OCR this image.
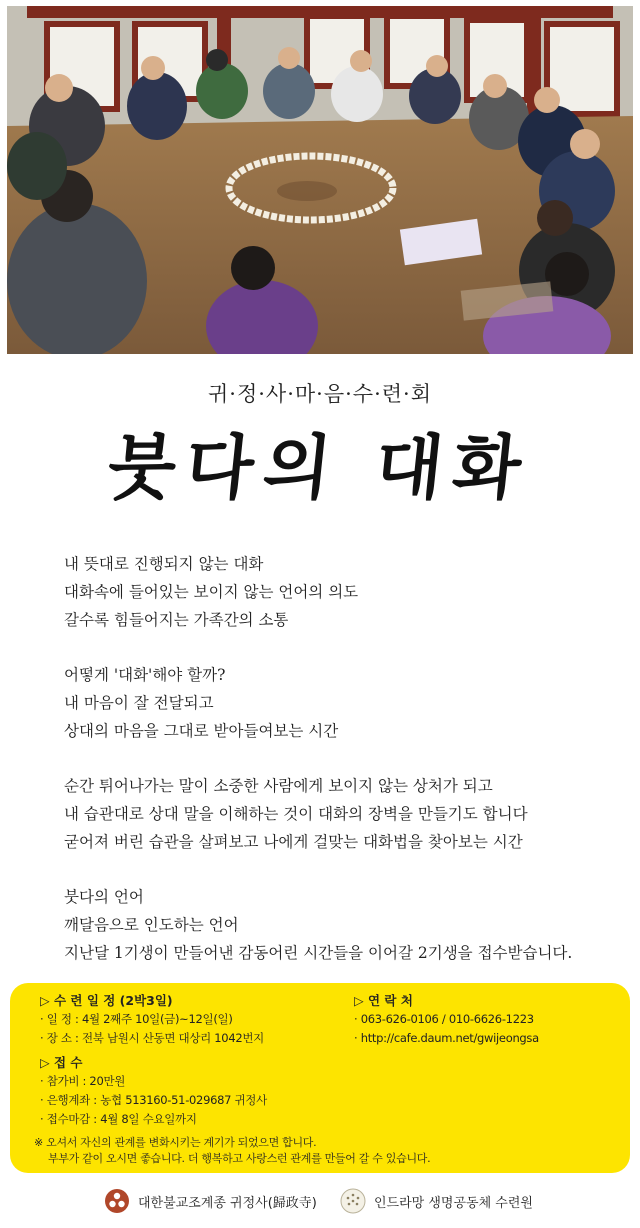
귀·정·사·마·음·수·련·회
붓다의 대화
내 뜻대로 진행되지 않는 대화
대화속에 들어있는 보이지 않는 언어의 의도
갈수록 힘들어지는 가족간의 소통
어떻게 '대화'해야 할까?
내 마음이 잘 전달되고
상대의 마음을 그대로 받아들여보는 시간
순간 튀어나가는 말이 소중한 사람에게 보이지 않는 상처가 되고
내 습관대로 상대 말을 이해하는 것이 대화의 장벽을 만들기도 합니다
굳어져 버린 습관을 살펴보고 나에게 걸맞는 대화법을 찾아보는 시간
붓다의 언어
깨달음으로 인도하는 언어
지난달 1기생이 만들어낸 감동어린 시간들을 이어갈 2기생을 접수받습니다.
▷ 수 련 일 정 (2박3일)
· 일 정 : 4월 2째주 10일(금)~12일(일)
· 장 소 : 전북 남원시 산동면 대상리 1042번지
▷ 연 락 처
· 063-626-0106 / 010-6626-1223
· http://cafe.daum.net/gwijeongsa
▷ 접 수
· 참가비 : 20만원
· 은행계좌 : 농협 513160-51-029687 귀정사
· 접수마감 : 4월 8일 수요일까지
※ 오셔서 자신의 관계를 변화시키는 계기가 되었으면 합니다.
부부가 같이 오시면 좋습니다. 더 행복하고 사랑스런 관계를 만들어 갈 수 있습니다.
대한불교조계종 귀정사(歸政寺)	인드라망 생명공동체 수련원
